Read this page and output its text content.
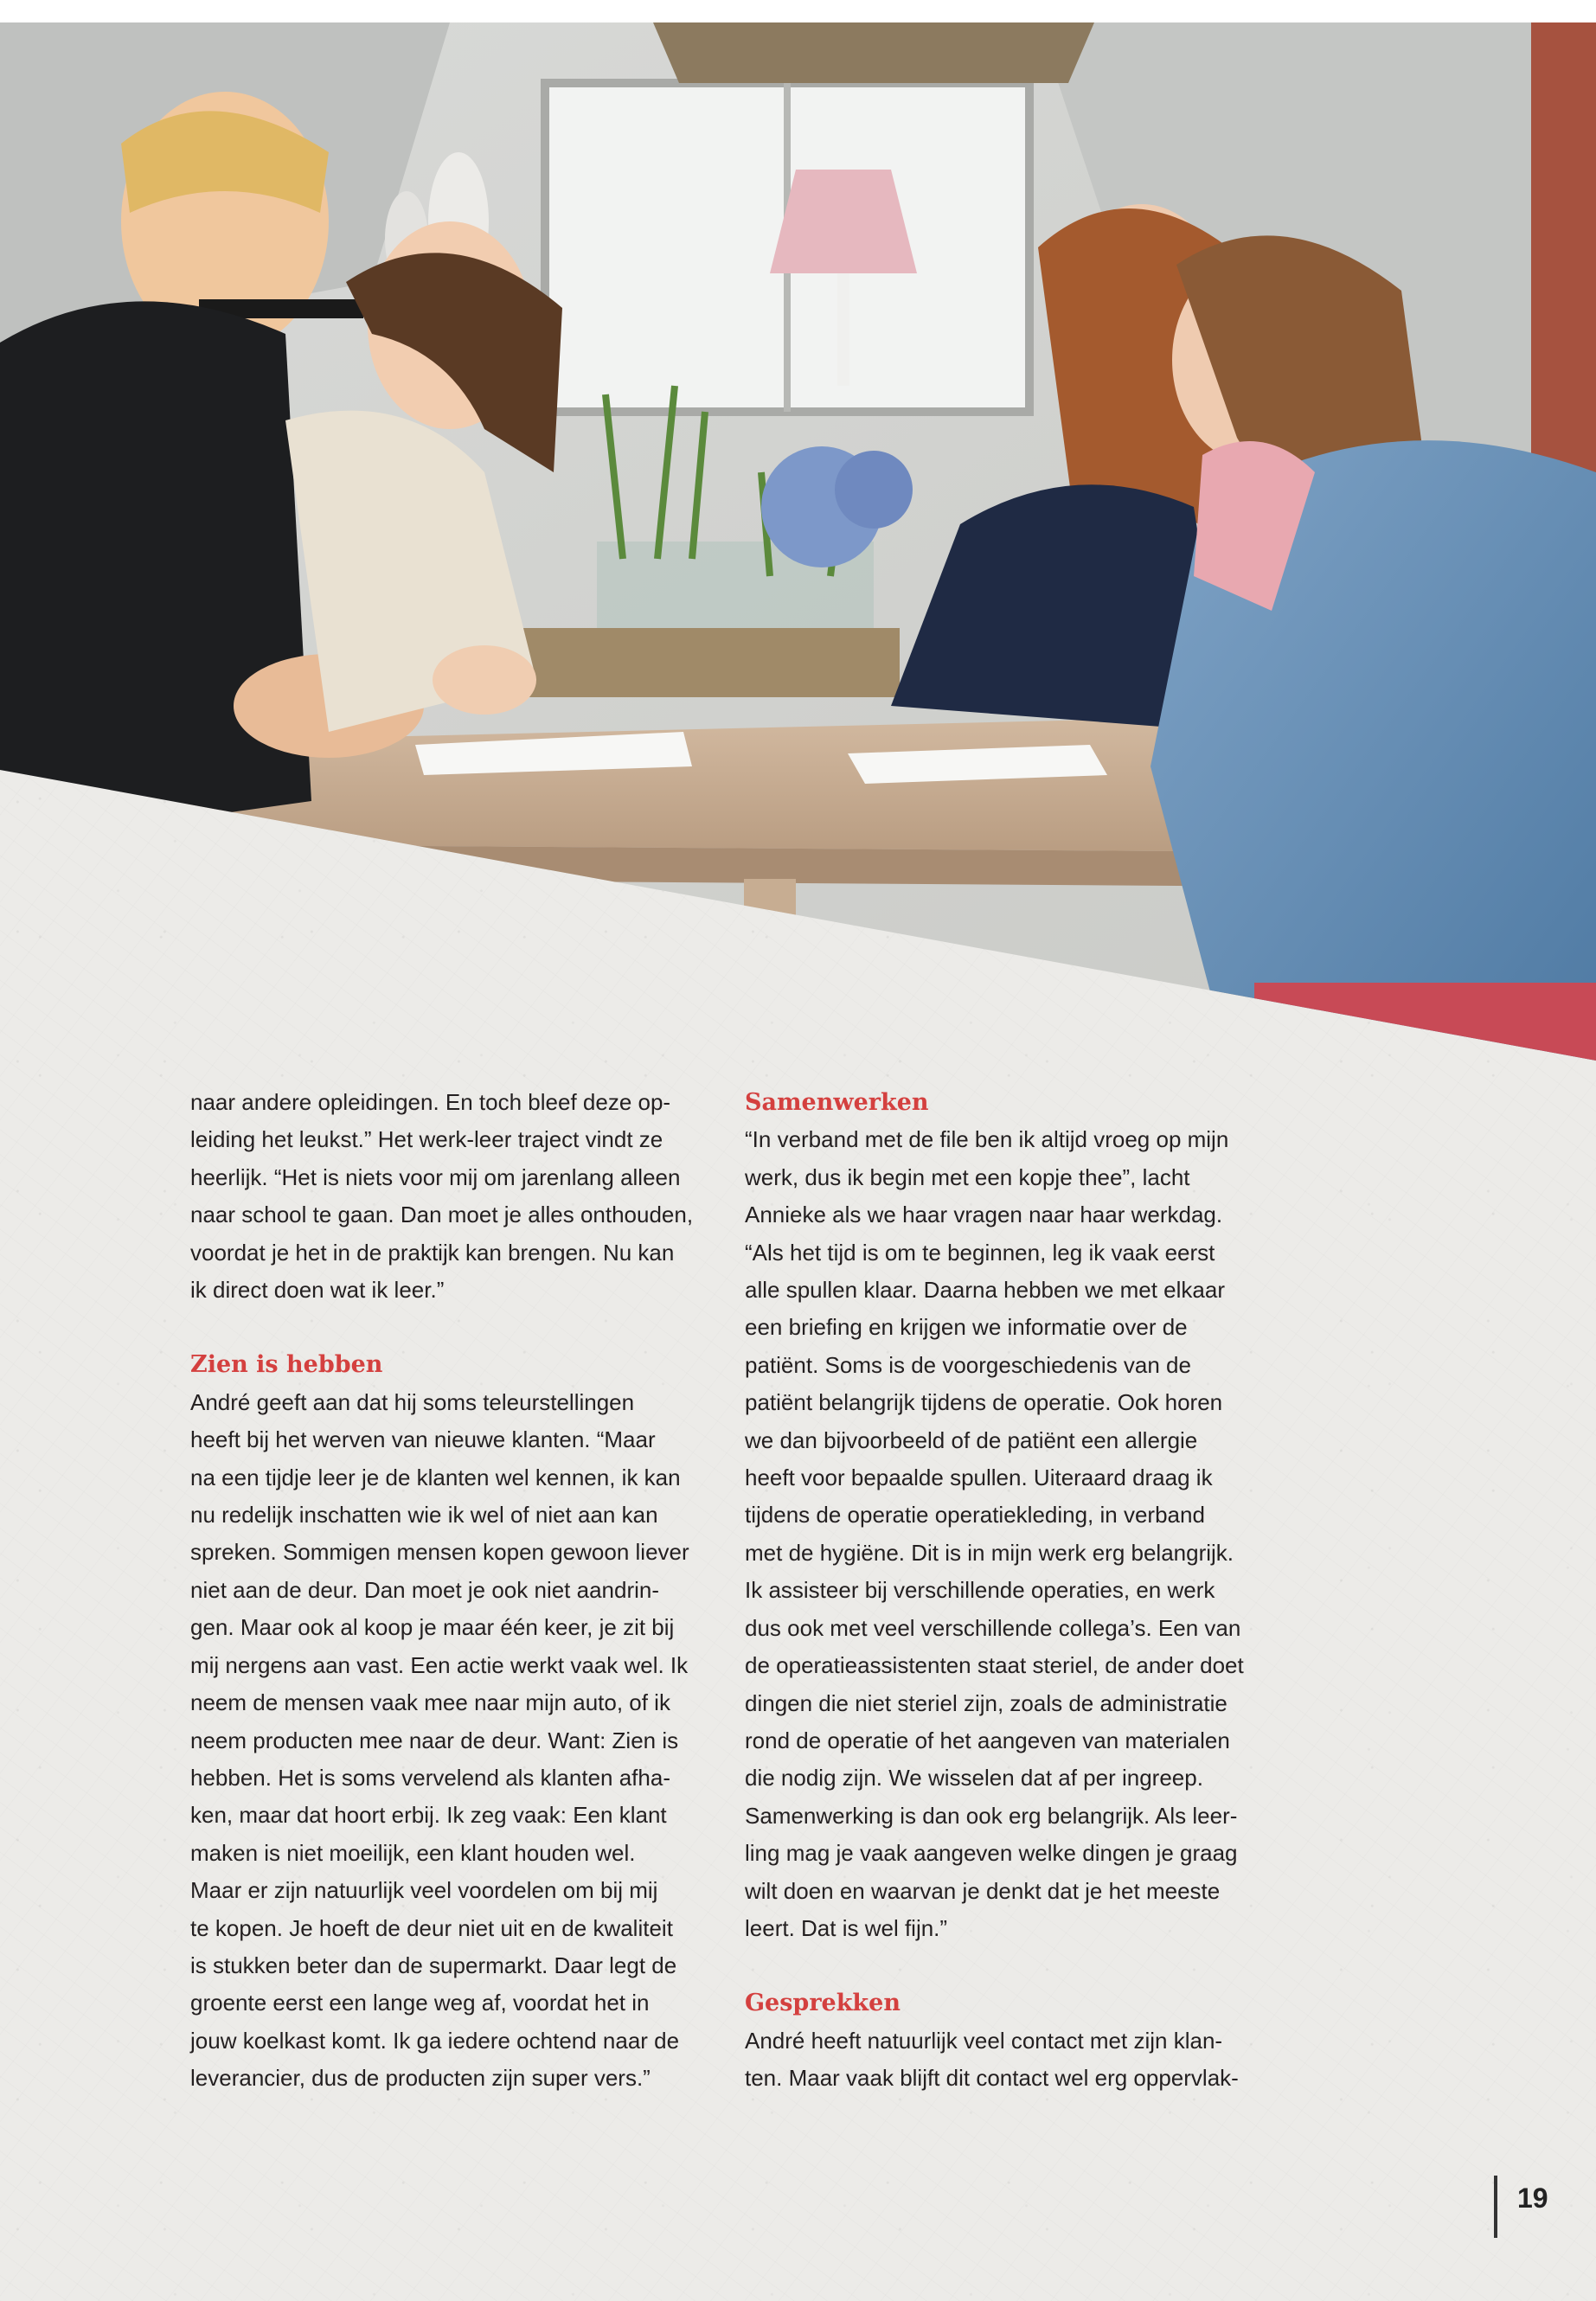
naar andere opleidingen. En toch bleef deze op-
leiding het leukst.” Het werk-leer traject vindt ze
heerlijk. “Het is niets voor mij om jarenlang alleen
naar school te gaan. Dan moet je alles onthouden,
voordat je het in de praktijk kan brengen. Nu kan
ik direct doen wat ik leer.”

Zien is hebben

André geeft aan dat hij soms teleurstellingen
heeft bij het werven van nieuwe klanten. “Maar
na een tijdje leer je de klanten wel kennen, ik kan
nu redelijk inschatten wie ik wel of niet aan kan
spreken. Sommigen mensen kopen gewoon liever
niet aan de deur. Dan moet je ook niet aandrin-
gen. Maar ook al koop je maar één keer, je zit bij
mij nergens aan vast. Een actie werkt vaak wel. Ik
neem de mensen vaak mee naar mijn auto, of ik
neem producten mee naar de deur. Want: Zien is
hebben. Het is soms vervelend als klanten afha-
ken, maar dat hoort erbij. Ik zeg vaak: Een klant
maken is niet moeilijk, een klant houden wel.
Maar er zijn natuurlijk veel voordelen om bij mij
te kopen. Je hoeft de deur niet uit en de kwaliteit
is stukken beter dan de supermarkt. Daar legt de
groente eerst een lange weg af, voordat het in
jouw koelkast komt. Ik ga iedere ochtend naar de
leverancier, dus de producten zijn super vers.”

Samenwerken

“In verband met de file ben ik altijd vroeg op mijn
werk, dus ik begin met een kopje thee”, lacht
Annieke als we haar vragen naar haar werkdag.
“Als het tijd is om te beginnen, leg ik vaak eerst
alle spullen klaar. Daarna hebben we met elkaar
een briefing en krijgen we informatie over de
patiënt. Soms is de voorgeschiedenis van de
patiënt belangrijk tijdens de operatie. Ook horen
we dan bijvoorbeeld of de patiënt een allergie
heeft voor bepaalde spullen. Uiteraard draag ik
tijdens de operatie operatiekleding, in verband
met de hygiëne. Dit is in mijn werk erg belangrijk.
Ik assisteer bij verschillende operaties, en werk
dus ook met veel verschillende collega’s. Een van
de operatieassistenten staat steriel, de ander doet
dingen die niet steriel zijn, zoals de administratie
rond de operatie of het aangeven van materialen
die nodig zijn. We wisselen dat af per ingreep.
Samenwerking is dan ook erg belangrijk. Als leer-
ling mag je vaak aangeven welke dingen je graag
wilt doen en waarvan je denkt dat je het meeste
leert. Dat is wel fijn.”

Gesprekken

André heeft natuurlijk veel contact met zijn klan-
ten. Maar vaak blijft dit contact wel erg oppervlak-

19
